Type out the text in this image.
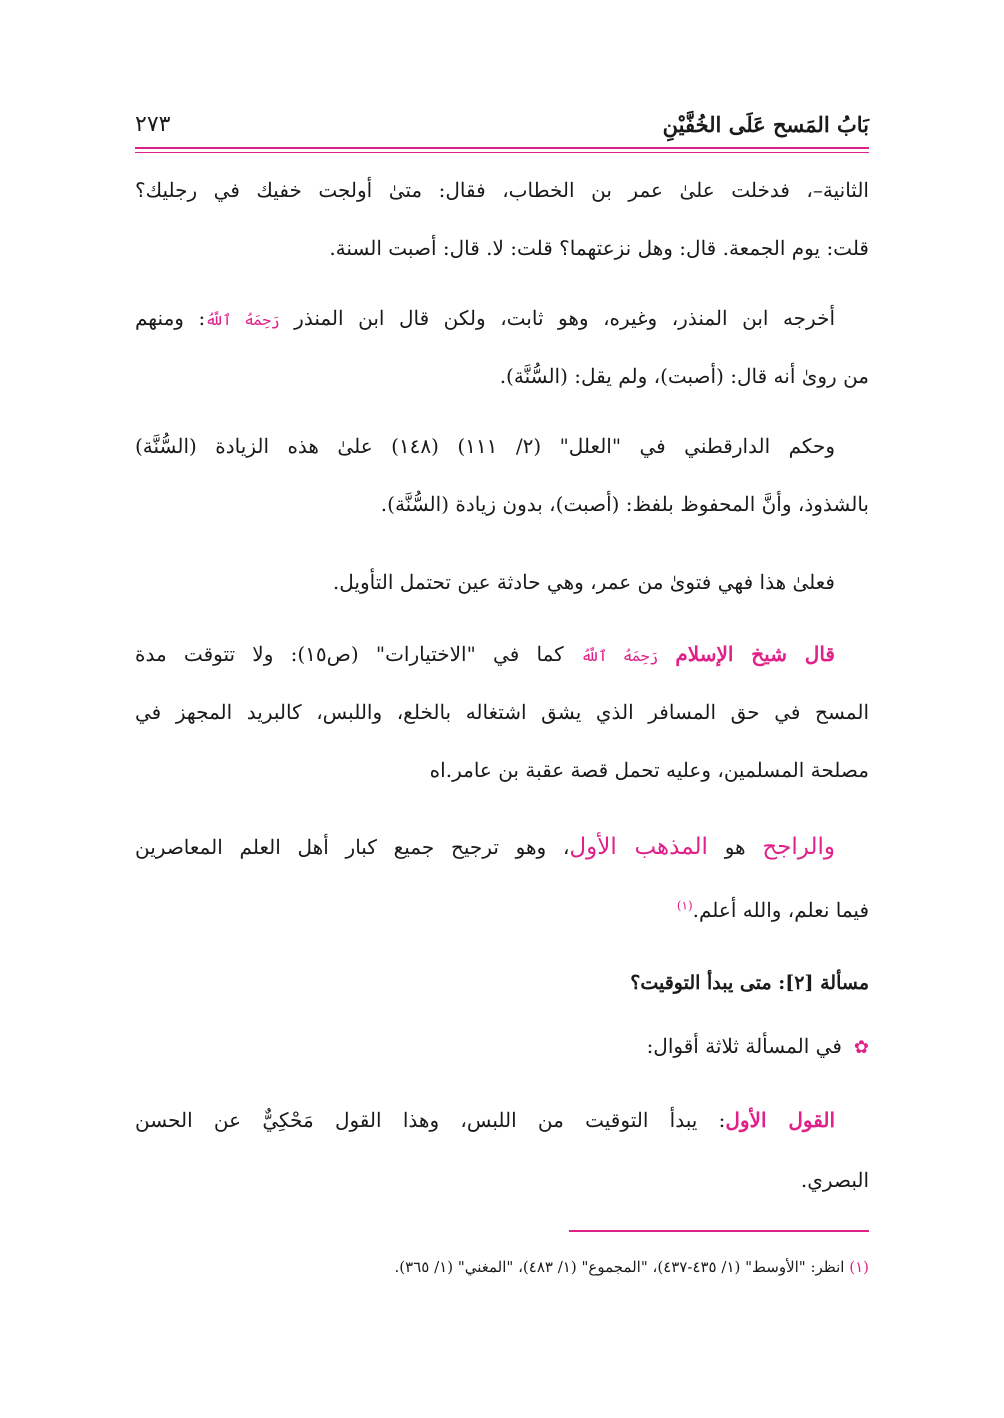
بَابُ المَسح عَلَى الخُفَّيْنِ
٢٧٣
الثانية–، فدخلت علىٰ عمر بن الخطاب، فقال: متىٰ أولجت خفيك في رجليك؟
قلت: يوم الجمعة. قال: وهل نزعتهما؟ قلت: لا. قال: أصبت السنة.
أخرجه ابن المنذر، وغيره، وهو ثابت، ولكن قال ابن المنذر رَحِمَهُ ٱللَّهُ: ومنهم
من رویٰ أنه قال: (أصبت)، ولم يقل: (السُّنَّة).
وحكم الدارقطني في "العلل" (٢/ ١١١) (١٤٨) علىٰ هذه الزيادة (السُّنَّة)
بالشذوذ، وأنَّ المحفوظ بلفظ: (أصبت)، بدون زيادة (السُّنَّة).
فعلىٰ هذا فهي فتوىٰ من عمر، وهي حادثة عين تحتمل التأويل.
قال شيخ الإسلام رَحِمَهُ ٱللَّهُ كما في "الاختيارات" (ص١٥): ولا تتوقت مدة
المسح في حق المسافر الذي يشق اشتغاله بالخلع، واللبس، كالبريد المجهز في
مصلحة المسلمين، وعليه تحمل قصة عقبة بن عامر.اه
والراجح هو المذهب الأول، وهو ترجيح جميع كبار أهل العلم المعاصرين
فيما نعلم، والله أعلم.$^{(١)}$
مسألة [٢]: متى يبدأ التوقيت؟
✿في المسألة ثلاثة أقوال:
القول الأول: يبدأ التوقيت من اللبس، وهذا القول مَحْكِيٌّ عن الحسن
البصري.
(١) انظر: "الأوسط" (١/ ٤٣٥-٤٣٧)، "المجموع" (١/ ٤٨٣)، "المغني" (١/ ٣٦٥).
